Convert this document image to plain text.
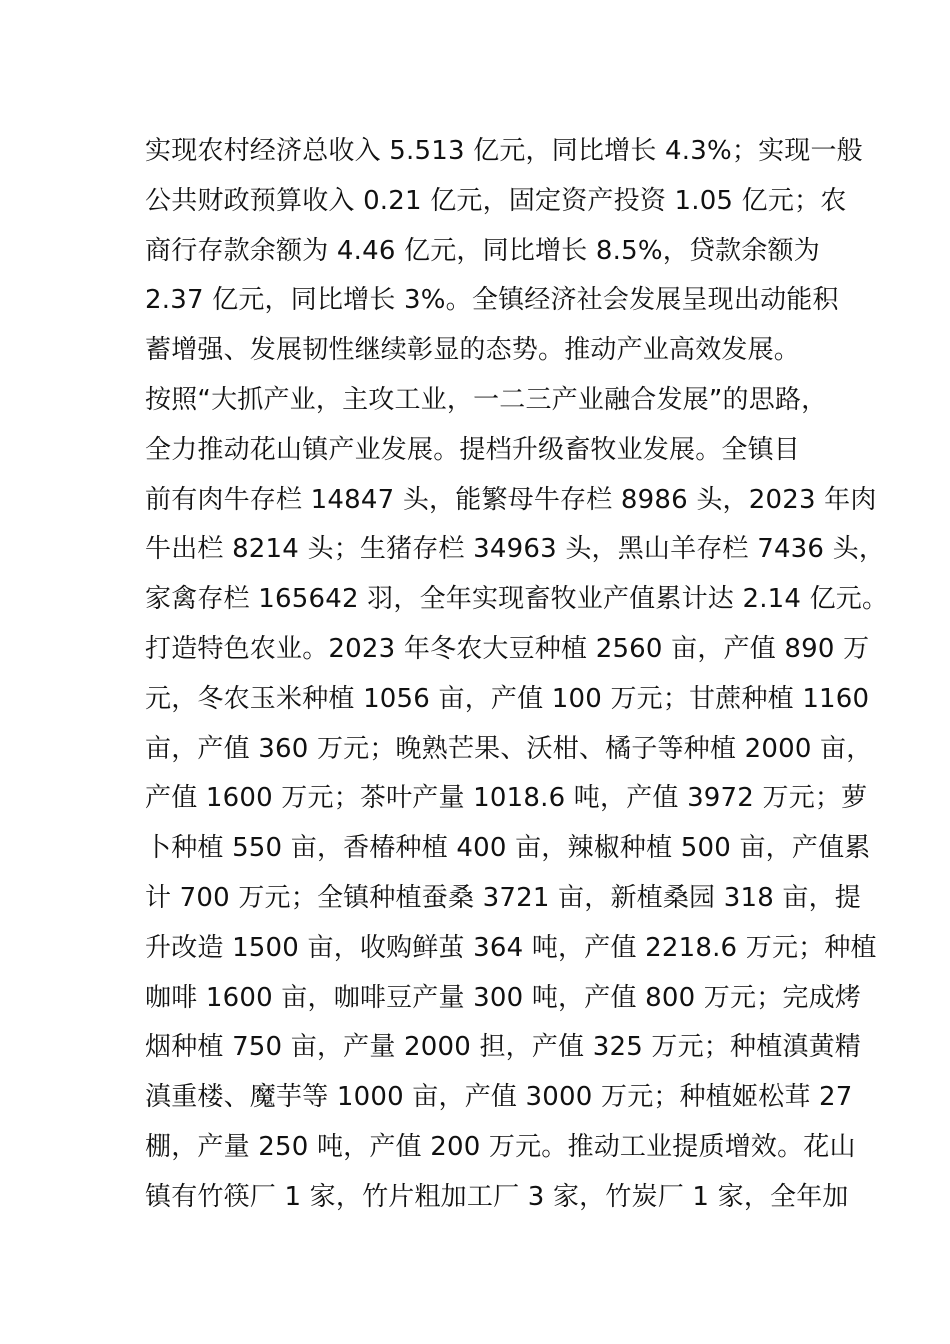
实现农村经济总收入 5.513 亿元，同比增长 4.3%；实现一般
公共财政预算收入 0.21 亿元，固定资产投资 1.05 亿元；农
商行存款余额为 4.46 亿元，同比增长 8.5%，贷款余额为
2.37 亿元，同比增长 3%。全镇经济社会发展呈现出动能积
蓄增强、发展韧性继续彰显的态势。推动产业高效发展。
按照“大抓产业，主攻工业，一二三产业融合发展”的思路，
全力推动花山镇产业发展。提档升级畜牧业发展。全镇目
前有肉牛存栏 14847 头，能繁母牛存栏 8986 头，2023 年肉
牛出栏 8214 头；生猪存栏 34963 头，黑山羊存栏 7436 头，
家禽存栏 165642 羽，全年实现畜牧业产值累计达 2.14 亿元。
打造特色农业。2023 年冬农大豆种植 2560 亩，产值 890 万
元，冬农玉米种植 1056 亩，产值 100 万元；甘蔗种植 1160
亩，产值 360 万元；晚熟芒果、沃柑、橘子等种植 2000 亩，
产值 1600 万元；茶叶产量 1018.6 吨，产值 3972 万元；萝
卜种植 550 亩，香椿种植 400 亩，辣椒种植 500 亩，产值累
计 700 万元；全镇种植蚕桑 3721 亩，新植桑园 318 亩，提
升改造 1500 亩，收购鲜茧 364 吨，产值 2218.6 万元；种植
咖啡 1600 亩，咖啡豆产量 300 吨，产值 800 万元；完成烤
烟种植 750 亩，产量 2000 担，产值 325 万元；种植滇黄精
滇重楼、魔芋等 1000 亩，产值 3000 万元；种植姬松茸 27
棚，产量 250 吨，产值 200 万元。推动工业提质增效。花山
镇有竹筷厂 1 家，竹片粗加工厂 3 家，竹炭厂 1 家，全年加
